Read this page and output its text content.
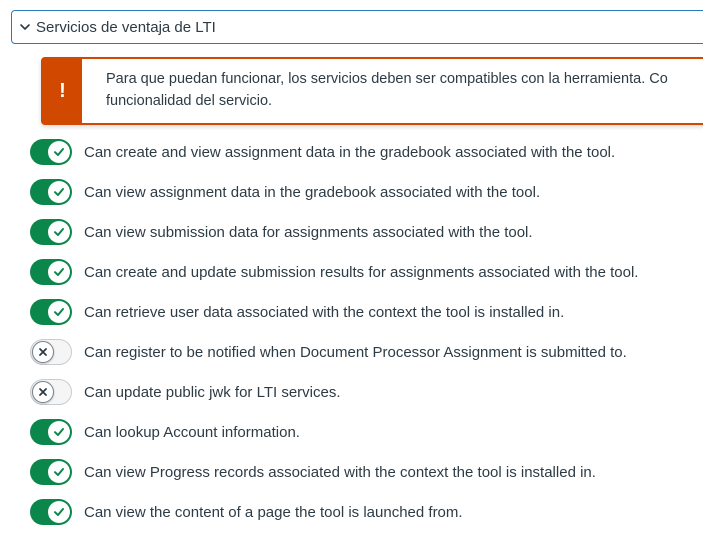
Servicios de ventaja de LTI
!
Para que puedan funcionar, los servicios deben ser compatibles con la herramienta. Co
funcionalidad del servicio.
Can create and view assignment data in the gradebook associated with the tool.
Can view assignment data in the gradebook associated with the tool.
Can view submission data for assignments associated with the tool.
Can create and update submission results for assignments associated with the tool.
Can retrieve user data associated with the context the tool is installed in.
Can register to be notified when Document Processor Assignment is submitted to.
Can update public jwk for LTI services.
Can lookup Account information.
Can view Progress records associated with the context the tool is installed in.
Can view the content of a page the tool is launched from.
